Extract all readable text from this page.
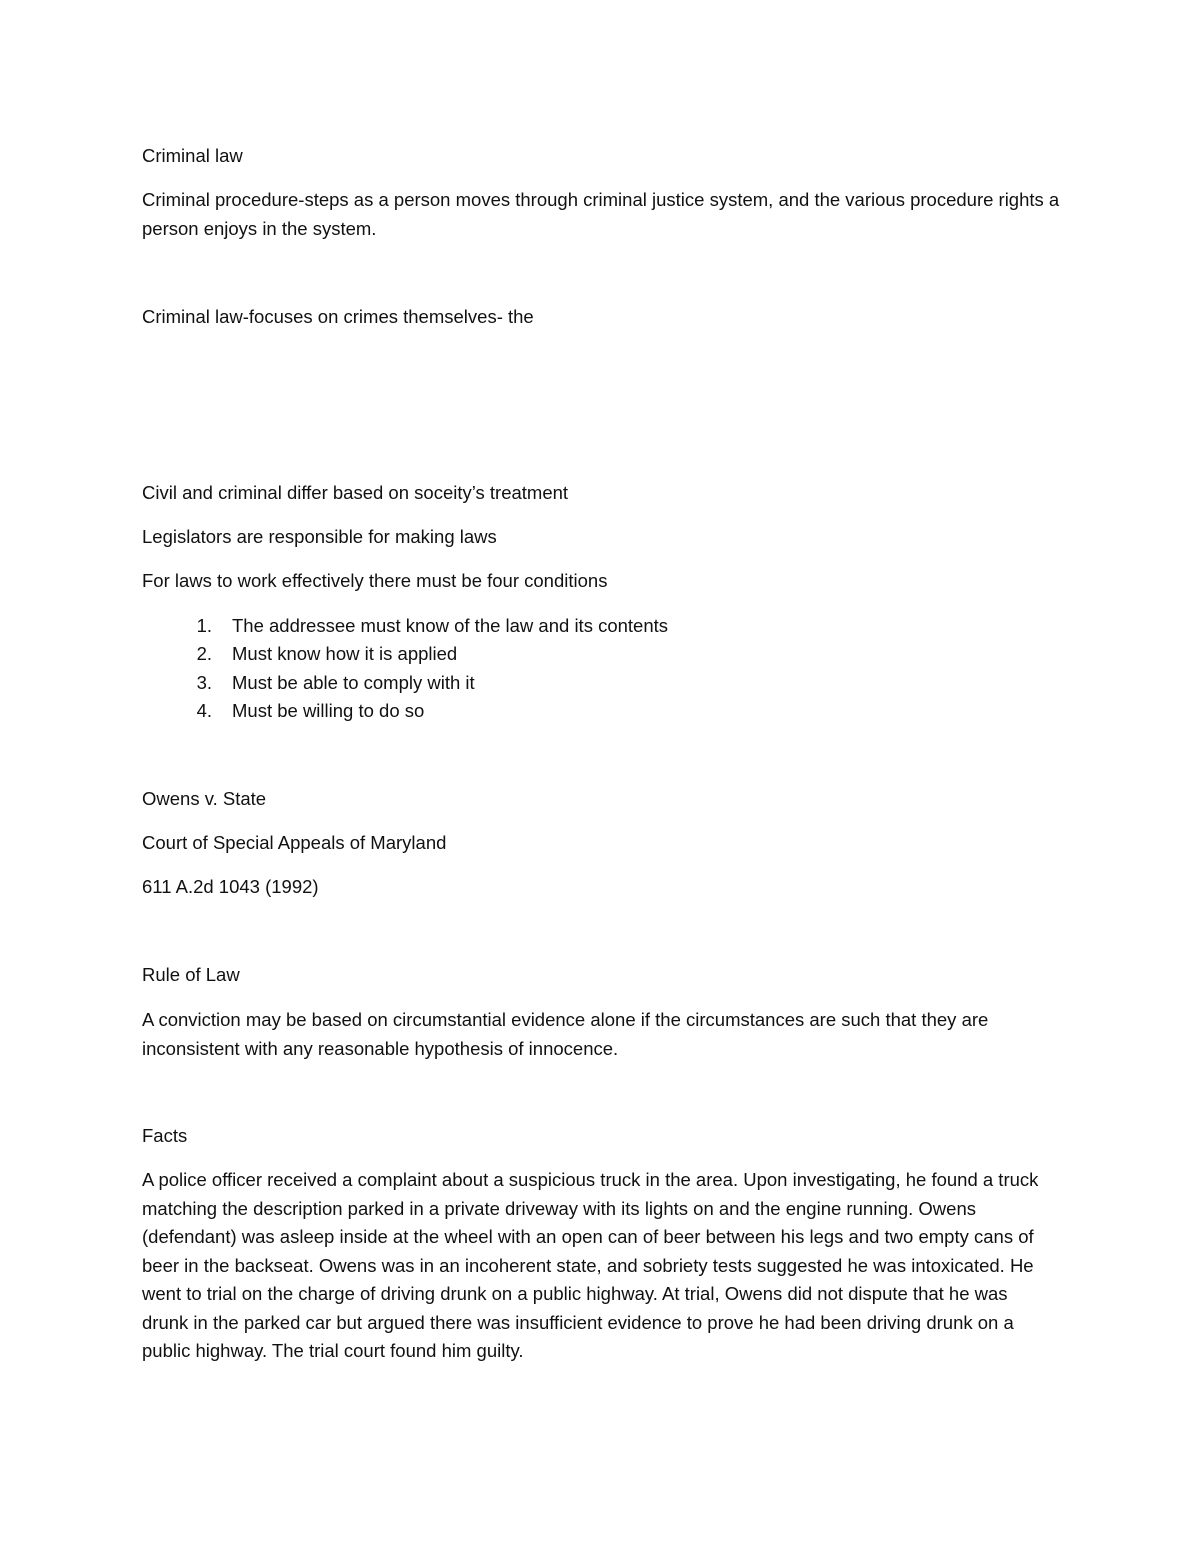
Criminal law

Criminal procedure-steps as a person moves through criminal justice system, and the various procedure rights a person enjoys in the system.

Criminal law-focuses on crimes themselves- the

Civil and criminal differ based on soceity’s treatment

Legislators are responsible for making laws

For laws to work effectively there must be four conditions

1. The addressee must know of the law and its contents
2. Must know how it is applied
3. Must be able to comply with it
4. Must be willing to do so

Owens v. State

Court of Special Appeals of Maryland

611 A.2d 1043 (1992)

Rule of Law

A conviction may be based on circumstantial evidence alone if the circumstances are such that they are inconsistent with any reasonable hypothesis of innocence.

Facts

A police officer received a complaint about a suspicious truck in the area. Upon investigating, he found a truck matching the description parked in a private driveway with its lights on and the engine running. Owens (defendant) was asleep inside at the wheel with an open can of beer between his legs and two empty cans of beer in the backseat. Owens was in an incoherent state, and sobriety tests suggested he was intoxicated. He went to trial on the charge of driving drunk on a public highway. At trial, Owens did not dispute that he was drunk in the parked car but argued there was insufficient evidence to prove he had been driving drunk on a public highway. The trial court found him guilty.
